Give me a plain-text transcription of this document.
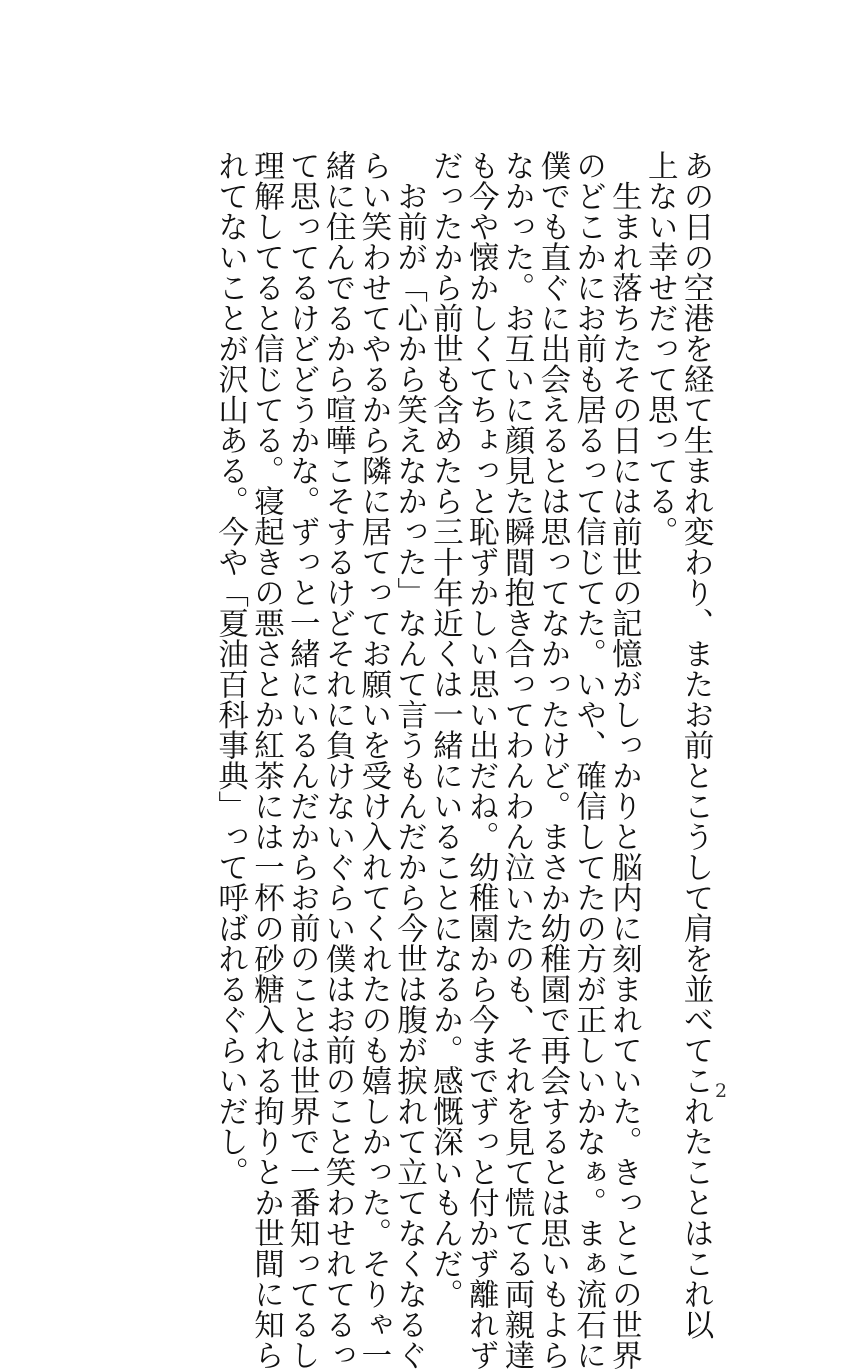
あの日の空港を経て生まれ変わり、またお前とこうして肩を並べてこれたことはこれ以
上ない幸せだって思ってる。
　生まれ落ちたその日には前世の記憶がしっかりと脳内に刻まれていた。きっとこの世界
のどこかにお前も居るって信じてた。いや、確信してたの方が正しいかなぁ。まぁ流石に
僕でも直ぐに出会えるとは思ってなかったけど。まさか幼稚園で再会するとは思いもよら
なかった。お互いに顔見た瞬間抱き合ってわんわん泣いたのも、それを見て慌てる両親達
も今や懐かしくてちょっと恥ずかしい思い出だね。幼稚園から今までずっと付かず離れず
だったから前世も含めたら三十年近くは一緒にいることになるか。感慨深いもんだ。
　お前が「心から笑えなかった」なんて言うもんだから今世は腹が捩れて立てなくなるぐ
らい笑わせてやるから隣に居てってお願いを受け入れてくれたのも嬉しかった。そりゃ一
緒に住んでるから喧嘩こそするけどそれに負けないぐらい僕はお前のこと笑わせれてるっ
て思ってるけどどうかな。ずっと一緒にいるんだからお前のことは世界で一番知ってるし
理解してると信じてる。寝起きの悪さとか紅茶には一杯の砂糖入れる拘りとか世間に知ら
れてないことが沢山ある。今や「夏油百科事典」って呼ばれるぐらいだし。	2
